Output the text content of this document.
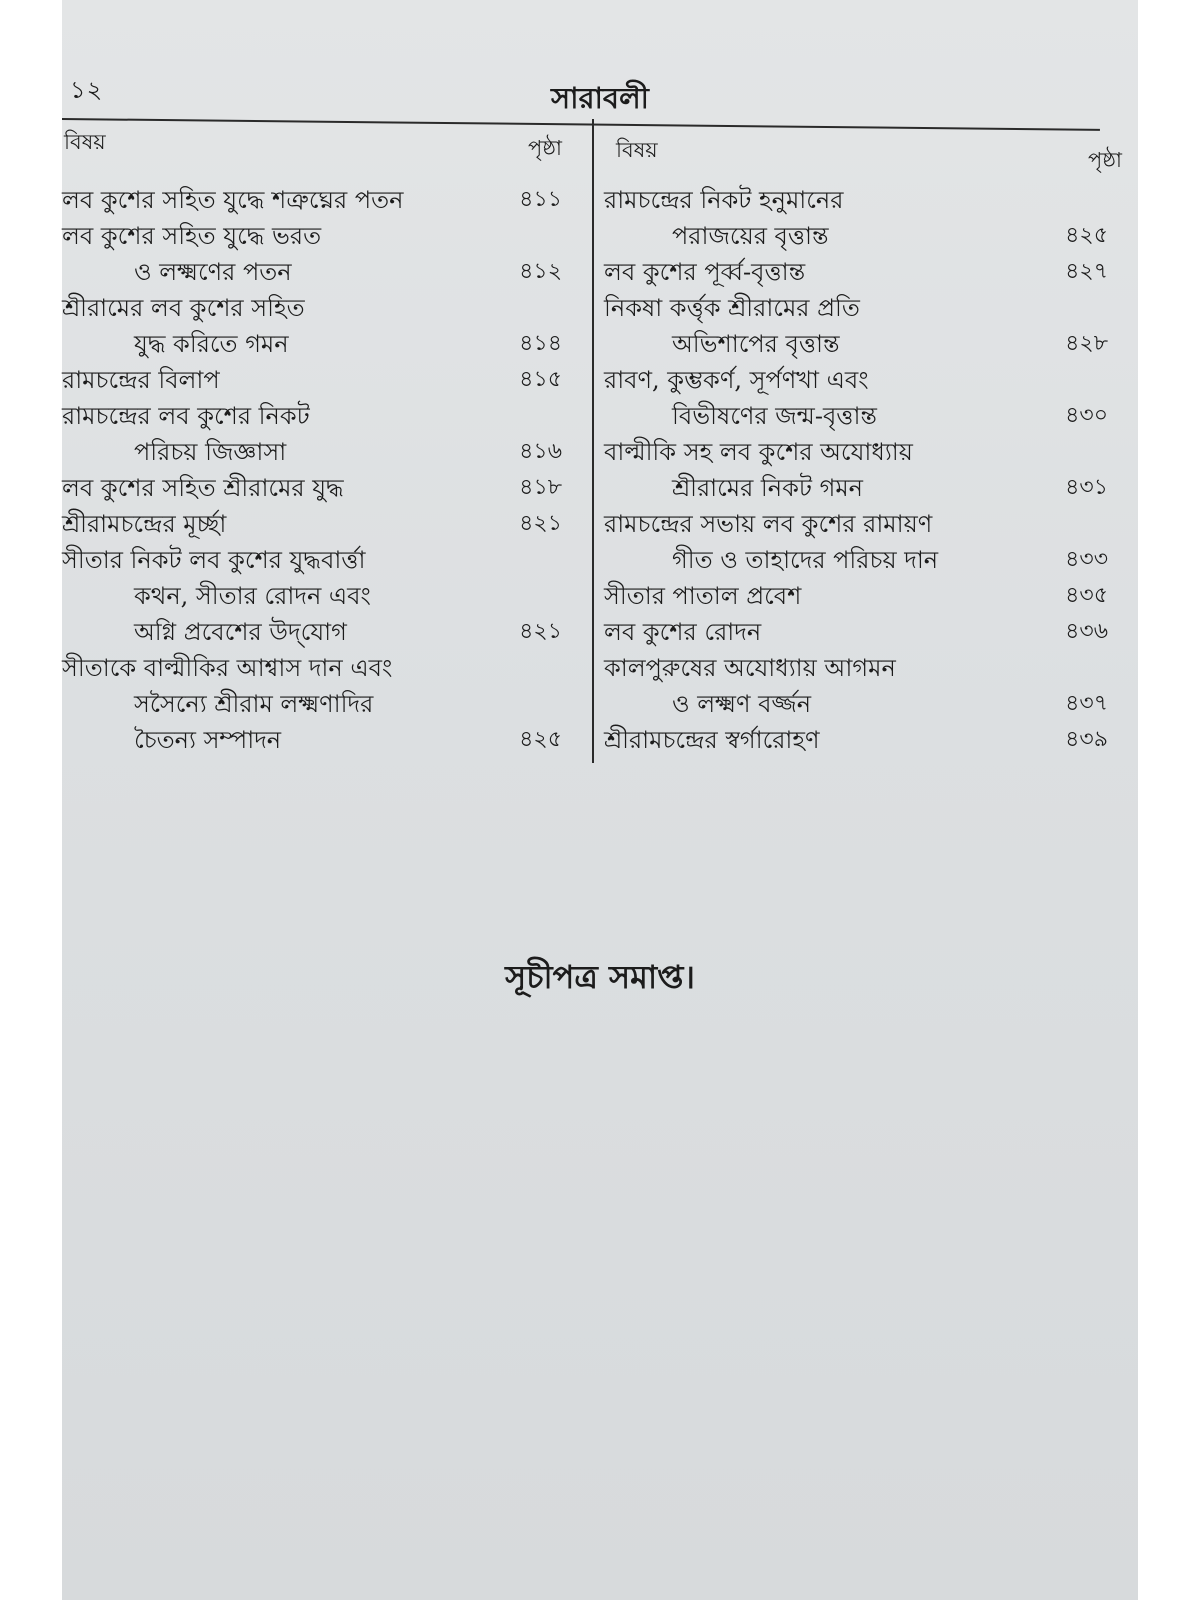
১২	সারাবলী
বিষয়	পৃষ্ঠা
লব কুশের সহিত যুদ্ধে শত্রুঘ্নের পতন	৪১১
লব কুশের সহিত যুদ্ধে ভরত
ও লক্ষ্মণের পতন	৪১২
শ্রীরামের লব কুশের সহিত
যুদ্ধ করিতে গমন	৪১৪
রামচন্দ্রের বিলাপ	৪১৫
রামচন্দ্রের লব কুশের নিকট
পরিচয় জিজ্ঞাসা	৪১৬
লব কুশের সহিত শ্রীরামের যুদ্ধ	৪১৮
শ্রীরামচন্দ্রের মূর্চ্ছা	৪২১
সীতার নিকট লব কুশের যুদ্ধবার্ত্তা
কথন, সীতার রোদন এবং
অগ্নি প্রবেশের উদ্‌যোগ	৪২১
সীতাকে বাল্মীকির আশ্বাস দান এবং
সসৈন্যে শ্রীরাম লক্ষ্মণাদির
চৈতন্য সম্পাদন	৪২৫
বিষয়	পৃষ্ঠা
রামচন্দ্রের নিকট হনুমানের
পরাজয়ের বৃত্তান্ত	৪২৫
লব কুশের পূর্ব্ব-বৃত্তান্ত	৪২৭
নিকষা কর্ত্তৃক শ্রীরামের প্রতি
অভিশাপের বৃত্তান্ত	৪২৮
রাবণ, কুম্ভকর্ণ, সূর্পণখা এবং
বিভীষণের জন্ম-বৃত্তান্ত	৪৩০
বাল্মীকি সহ লব কুশের অযোধ্যায়
শ্রীরামের নিকট গমন	৪৩১
রামচন্দ্রের সভায় লব কুশের রামায়ণ
গীত ও তাহাদের পরিচয় দান	৪৩৩
সীতার পাতাল প্রবেশ	৪৩৫
লব কুশের রোদন	৪৩৬
কালপুরুষের অযোধ্যায় আগমন
ও লক্ষ্মণ বর্জ্জন	৪৩৭
শ্রীরামচন্দ্রের স্বর্গারোহণ	৪৩৯
সূচীপত্র সমাপ্ত।
